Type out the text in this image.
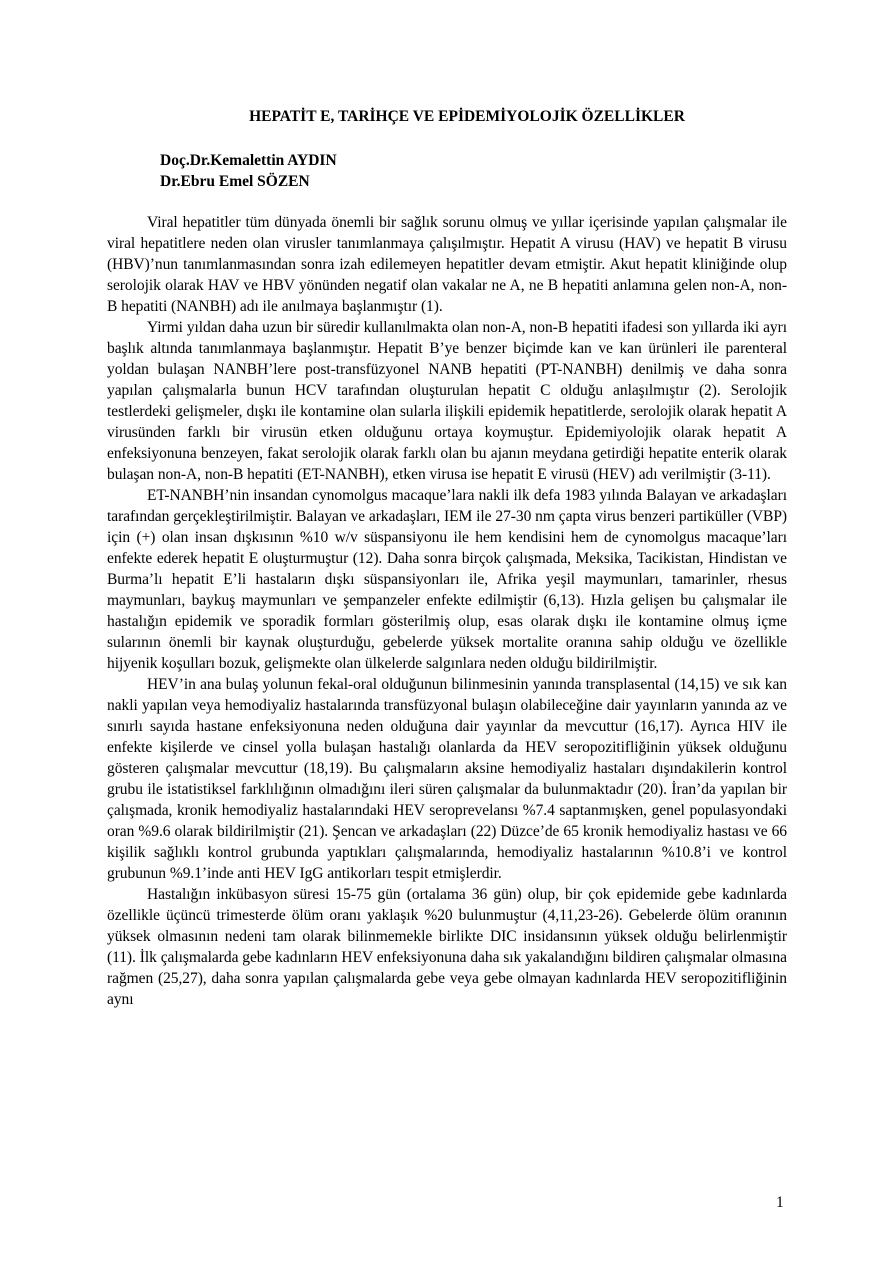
HEPATİT E, TARİHÇE VE EPİDEMİYOLOJİK ÖZELLİKLER
Doç.Dr.Kemalettin AYDIN
Dr.Ebru Emel SÖZEN

Viral hepatitler tüm dünyada önemli bir sağlık sorunu olmuş ve yıllar içerisinde yapılan çalışmalar ile viral hepatitlere neden olan virusler tanımlanmaya çalışılmıştır. Hepatit A virusu (HAV) ve hepatit B virusu (HBV)’nun tanımlanmasından sonra izah edilemeyen hepatitler devam etmiştir. Akut hepatit kliniğinde olup serolojik olarak HAV ve HBV yönünden negatif olan vakalar ne A, ne B hepatiti anlamına gelen non-A, non-B hepatiti (NANBH) adı ile anılmaya başlanmıştır (1).

Yirmi yıldan daha uzun bir süredir kullanılmakta olan non-A, non-B hepatiti ifadesi son yıllarda iki ayrı başlık altında tanımlanmaya başlanmıştır. Hepatit B’ye benzer biçimde kan ve kan ürünleri ile parenteral yoldan bulaşan NANBH’lere post-transfüzyonel NANB hepatiti (PT-NANBH) denilmiş ve daha sonra yapılan çalışmalarla bunun HCV tarafından oluşturulan hepatit C olduğu anlaşılmıştır (2). Serolojik testlerdeki gelişmeler, dışkı ile kontamine olan sularla ilişkili epidemik hepatitlerde, serolojik olarak hepatit A virusünden farklı bir virusün etken olduğunu ortaya koymuştur. Epidemiyolojik olarak hepatit A enfeksiyonuna benzeyen, fakat serolojik olarak farklı olan bu ajanın meydana getirdiği hepatite enterik olarak bulaşan non-A, non-B hepatiti (ET-NANBH), etken virusa ise hepatit E virusü (HEV) adı verilmiştir (3-11).

ET-NANBH’nin insandan cynomolgus macaque’lara nakli ilk defa 1983 yılında Balayan ve arkadaşları tarafından gerçekleştirilmiştir. Balayan ve arkadaşları, IEM ile 27-30 nm çapta virus benzeri partiküller (VBP) için (+) olan insan dışkısının %10 w/v süspansiyonu ile hem kendisini hem de cynomolgus macaque’ları enfekte ederek hepatit E oluşturmuştur (12). Daha sonra birçok çalışmada, Meksika, Tacikistan, Hindistan ve Burma’lı hepatit E’li hastaların dışkı süspansiyonları ile, Afrika yeşil maymunları, tamarinler, rhesus maymunları, baykuş maymunları ve şempanzeler enfekte edilmiştir (6,13). Hızla gelişen bu çalışmalar ile hastalığın epidemik ve sporadik formları gösterilmiş olup, esas olarak dışkı ile kontamine olmuş içme sularının önemli bir kaynak oluşturduğu, gebelerde yüksek mortalite oranına sahip olduğu ve özellikle hijyenik koşulları bozuk, gelişmekte olan ülkelerde salgınlara neden olduğu bildirilmiştir.

HEV’in ana bulaş yolunun fekal-oral olduğunun bilinmesinin yanında transplasental (14,15) ve sık kan nakli yapılan veya hemodiyaliz hastalarında transfüzyonal bulaşın olabileceğine dair yayınların yanında az ve sınırlı sayıda hastane enfeksiyonuna neden olduğuna dair yayınlar da mevcuttur (16,17). Ayrıca HIV ile enfekte kişilerde ve cinsel yolla bulaşan hastalığı olanlarda da HEV seropozitifliğinin yüksek olduğunu gösteren çalışmalar mevcuttur (18,19). Bu çalışmaların aksine hemodiyaliz hastaları dışındakilerin kontrol grubu ile istatistiksel farklılığının olmadığını ileri süren çalışmalar da bulunmaktadır (20). İran’da yapılan bir çalışmada, kronik hemodiyaliz hastalarındaki HEV seroprevelansı %7.4 saptanmışken, genel populasyondaki oran %9.6 olarak bildirilmiştir (21). Şencan ve arkadaşları (22) Düzce’de 65 kronik hemodiyaliz hastası ve 66 kişilik sağlıklı kontrol grubunda yaptıkları çalışmalarında, hemodiyaliz hastalarının %10.8’i ve kontrol grubunun %9.1’inde anti HEV IgG antikorları tespit etmişlerdir.

Hastalığın inkübasyon süresi 15-75 gün (ortalama 36 gün) olup, bir çok epidemide gebe kadınlarda özellikle üçüncü trimesterde ölüm oranı yaklaşık %20 bulunmuştur (4,11,23-26). Gebelerde ölüm oranının yüksek olmasının nedeni tam olarak bilinmemekle birlikte DIC insidansının yüksek olduğu belirlenmiştir (11). İlk çalışmalarda gebe kadınların HEV enfeksiyonuna daha sık yakalandığını bildiren çalışmalar olmasına rağmen (25,27), daha sonra yapılan çalışmalarda gebe veya gebe olmayan kadınlarda HEV seropozitifliğinin aynı

1
